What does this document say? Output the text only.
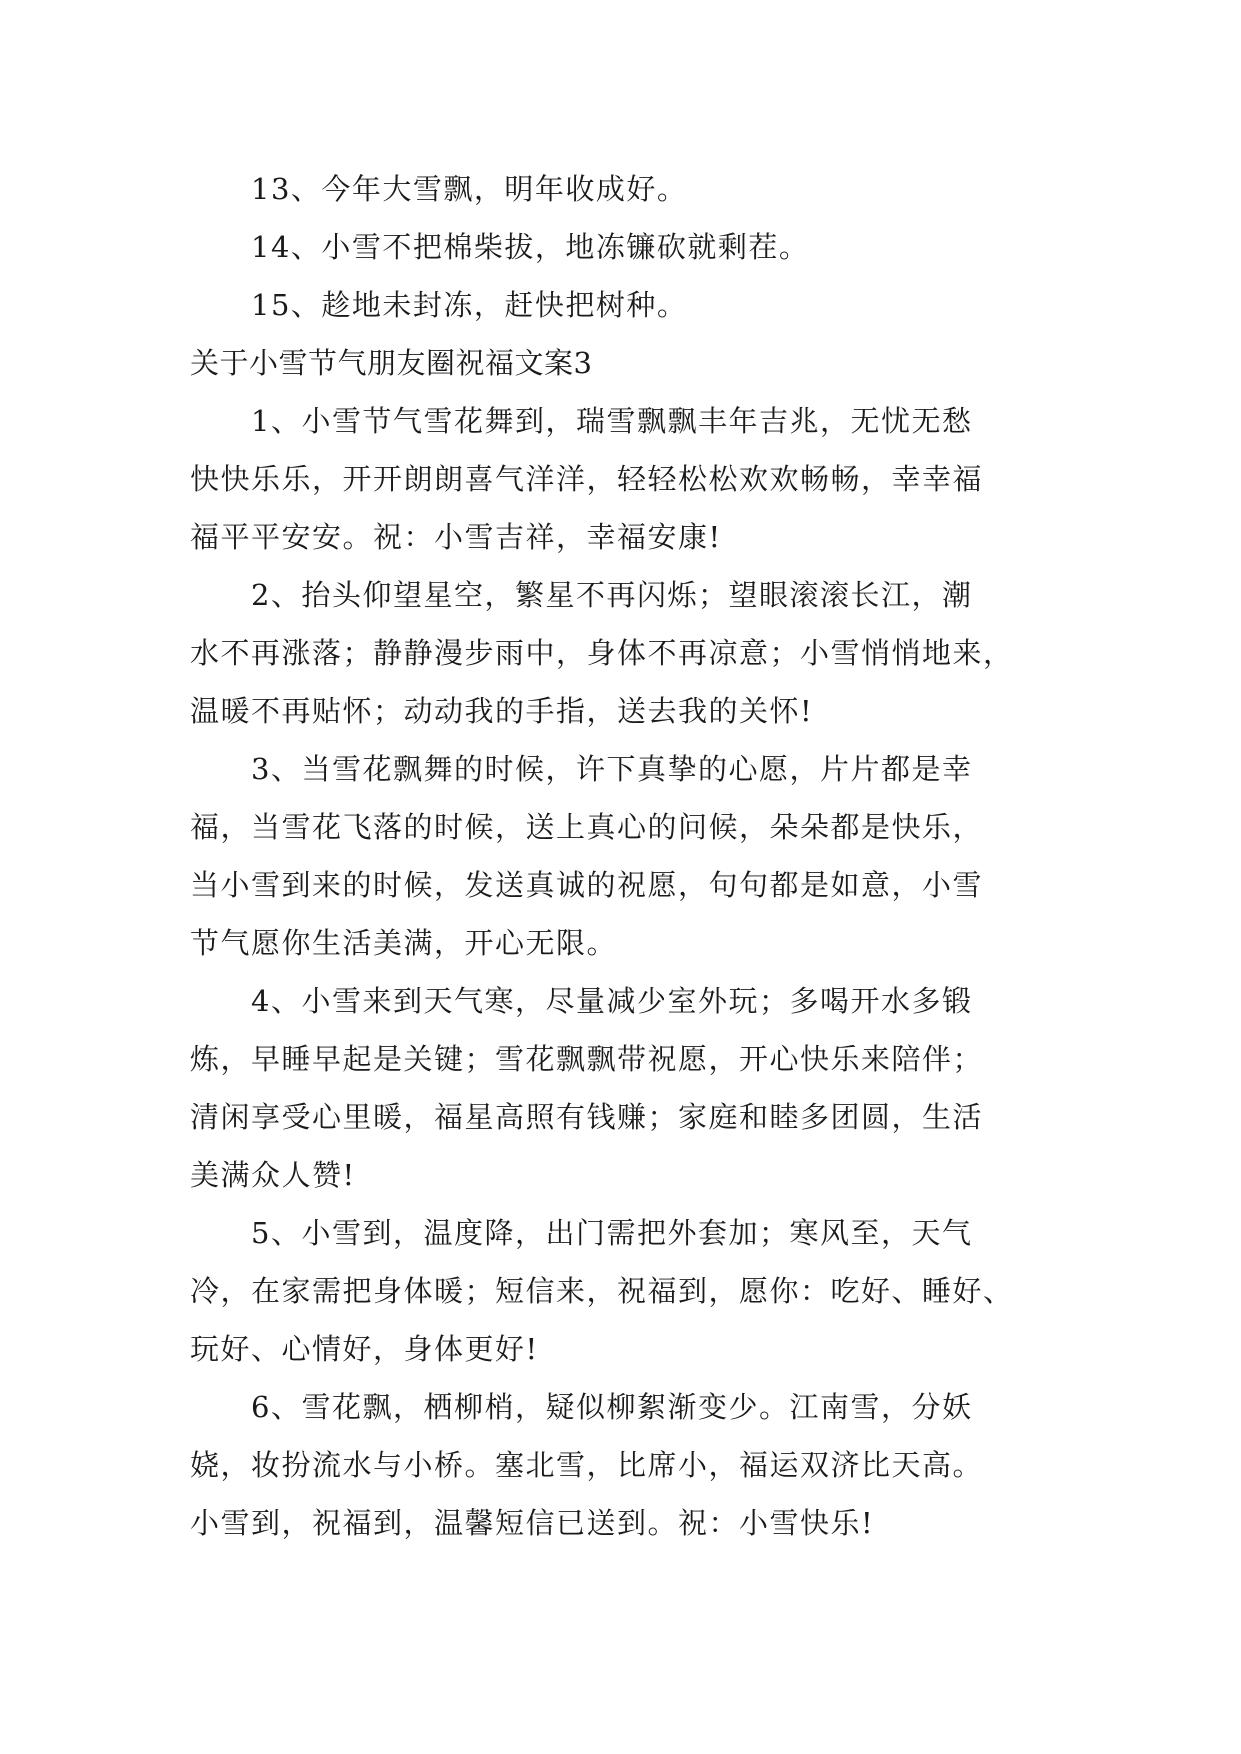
13、今年大雪飘，明年收成好。
14、小雪不把棉柴拔，地冻镰砍就剩茬。
15、趁地未封冻，赶快把树种。
关于小雪节气朋友圈祝福文案3
1、小雪节气雪花舞到，瑞雪飘飘丰年吉兆，无忧无愁
快快乐乐，开开朗朗喜气洋洋，轻轻松松欢欢畅畅，幸幸福
福平平安安。祝：小雪吉祥，幸福安康!
2、抬头仰望星空，繁星不再闪烁；望眼滚滚长江，潮
水不再涨落；静静漫步雨中，身体不再凉意；小雪悄悄地来，
温暖不再贴怀；动动我的手指，送去我的关怀!
3、当雪花飘舞的时候，许下真挚的心愿，片片都是幸
福，当雪花飞落的时候，送上真心的问候，朵朵都是快乐，
当小雪到来的时候，发送真诚的祝愿，句句都是如意，小雪
节气愿你生活美满，开心无限。
4、小雪来到天气寒，尽量减少室外玩；多喝开水多锻
炼，早睡早起是关键；雪花飘飘带祝愿，开心快乐来陪伴；
清闲享受心里暖，福星高照有钱赚；家庭和睦多团圆，生活
美满众人赞!
5、小雪到，温度降，出门需把外套加；寒风至，天气
冷，在家需把身体暖；短信来，祝福到，愿你：吃好、睡好、
玩好、心情好，身体更好!
6、雪花飘，栖柳梢，疑似柳絮渐变少。江南雪，分妖
娆，妆扮流水与小桥。塞北雪，比席小，福运双济比天高。
小雪到，祝福到，温馨短信已送到。祝：小雪快乐!
